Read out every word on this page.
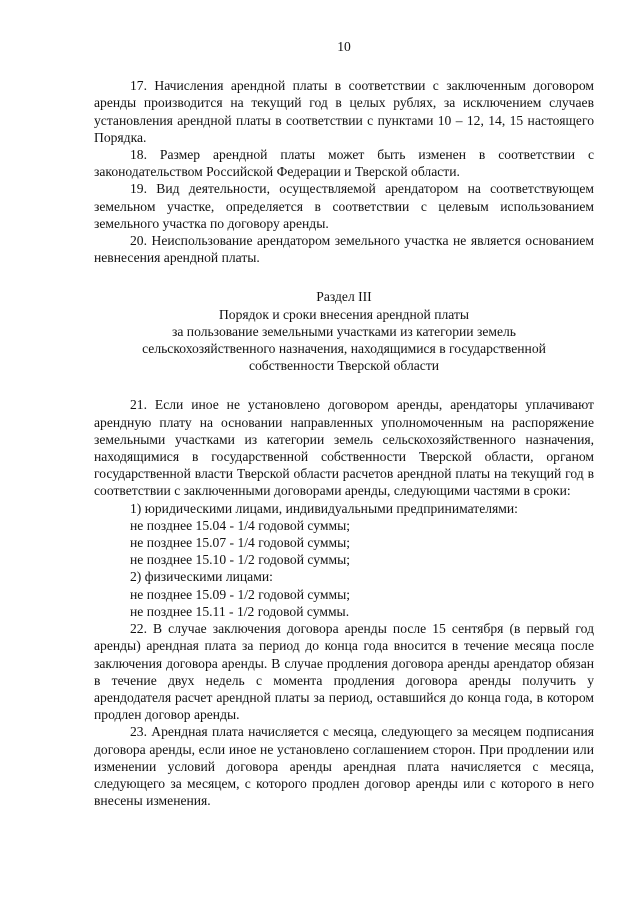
10

17. Начисления арендной платы в соответствии с заключенным договором аренды производится на текущий год в целых рублях, за исключением случаев установления арендной платы в соответствии с пунктами 10 – 12, 14, 15 настоящего Порядка.

18. Размер арендной платы может быть изменен в соответствии с законодательством Российской Федерации и Тверской области.

19. Вид деятельности, осуществляемой арендатором на соответствующем земельном участке, определяется в соответствии с целевым использованием земельного участка по договору аренды.

20. Неиспользование арендатором земельного участка не является основанием невнесения арендной платы.

Раздел III
Порядок и сроки внесения арендной платы
за пользование земельными участками из категории земель
сельскохозяйственного назначения, находящимися в государственной
собственности Тверской области

21. Если иное не установлено договором аренды, арендаторы уплачивают арендную плату на основании направленных уполномоченным на распоряжение земельными участками из категории земель сельскохозяйственного назначения, находящимися в государственной собственности Тверской области, органом государственной власти Тверской области расчетов арендной платы на текущий год в соответствии с заключенными договорами аренды, следующими частями в сроки:

1) юридическими лицами, индивидуальными предпринимателями:

не позднее 15.04 - 1/4 годовой суммы;

не позднее 15.07 - 1/4 годовой суммы;

не позднее 15.10 - 1/2 годовой суммы;

2) физическими лицами:

не позднее 15.09 - 1/2 годовой суммы;

не позднее 15.11 - 1/2 годовой суммы.

22. В случае заключения договора аренды после 15 сентября (в первый год аренды) арендная плата за период до конца года вносится в течение месяца после заключения договора аренды. В случае продления договора аренды арендатор обязан в течение двух недель с момента продления договора аренды получить у арендодателя расчет арендной платы за период, оставшийся до конца года, в котором продлен договор аренды.

23. Арендная плата начисляется с месяца, следующего за месяцем подписания договора аренды, если иное не установлено соглашением сторон. При продлении или изменении условий договора аренды арендная плата начисляется с месяца, следующего за месяцем, с которого продлен договор аренды или с которого в него внесены изменения.
